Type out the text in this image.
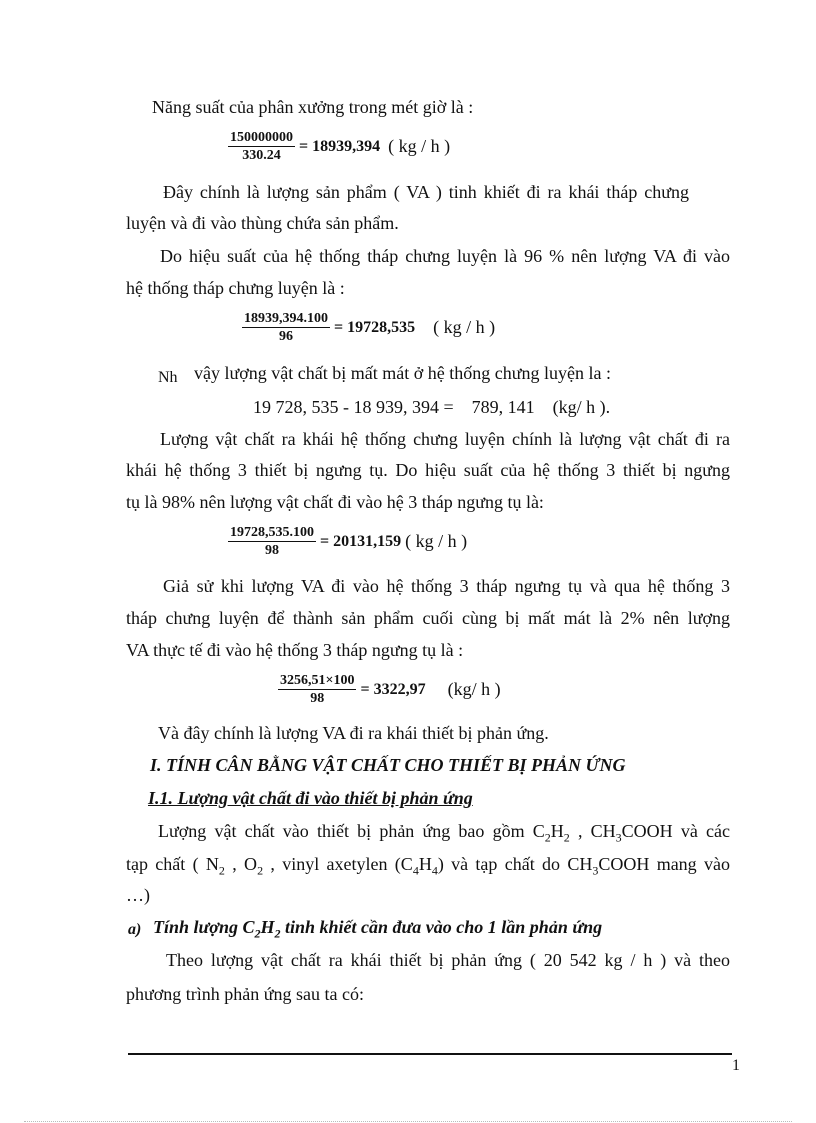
Năng suất của phân xưởng trong mét giờ là :
$\frac{150000000}{330.24} = 18939,394$ ( kg / h )
Đây chính là lượng sản phẩm ( VA ) tinh khiết đi ra khái tháp chưng
luyện và đi vào thùng chứa sản phẩm.
Do hiệu suất của hệ thống tháp chưng luyện là 96 % nên lượng VA đi vào
hệ thống tháp chưng luyện là :
$\frac{18939,394.100}{96} = 19728,535$ ( kg / h )
Nh vậy lượng vật chất bị mất mát ở hệ thống chưng luyện la :
19 728, 535 - 18 939, 394 =    789, 141    (kg/ h ).
Lượng vật chất ra khái hệ thống chưng luyện chính là lượng vật chất đi ra
khái hệ thống 3 thiết bị ngưng tụ. Do hiệu suất của hệ thống 3 thiết bị ngưng
tụ là 98% nên lượng vật chất đi vào hệ 3 tháp ngưng tụ là:
$\frac{19728,535.100}{98} = 20131,159$ ( kg / h )
Giả sử khi lượng VA đi vào hệ thống 3 tháp ngưng tụ và qua hệ thống 3
tháp chưng luyện để thành sản phẩm cuối cùng bị mất mát là 2% nên lượng
VA thực tế đi vào hệ thống 3 tháp ngưng tụ là :
$\frac{3256,51\times 100}{98} = 3322,97$ (kg/ h )
Và đây chính là lượng VA đi ra khái thiết bị phản ứng.
I. TÍNH CÂN BẰNG VẬT CHẤT CHO THIẾT BỊ PHẢN ỨNG
I.1. Lượng vật chất đi vào thiết bị phản ứng
Lượng vật chất vào thiết bị phản ứng bao gồm $C_2H_2$ , $CH_3COOH$ và các
tạp chất ( $N_2$ , $O_2$ , vinyl axetylen $(C_4H_4)$ và tạp chất do $CH_3COOH$ mang vào
…)
a) Tính lượng $C_2H_2$ tinh khiết cần đưa vào cho 1 lần phản ứng
Theo lượng vật chất ra khái thiết bị phản ứng ( 20 542 kg / h ) và theo
phương trình phản ứng sau ta có:
1
